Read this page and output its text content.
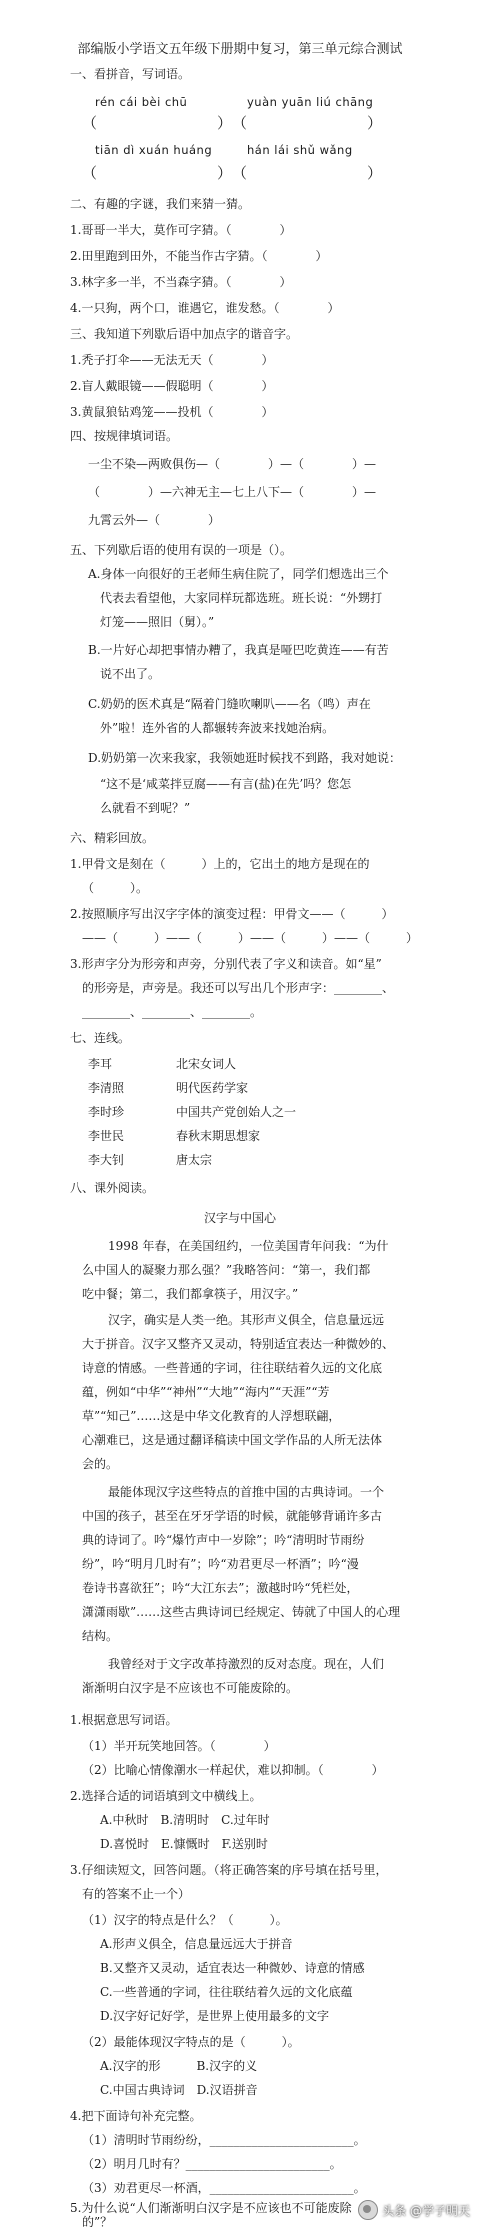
部编版小学语文五年级下册期中复习，第三单元综合测试
一、看拼音，写词语。
rén cái bèi chū	yuàn yuān liú chāng
（　　　　　　　　） （　　　　　　　　）
tiān dì xuán huáng	hán lái shǔ wǎng
（　　　　　　　　） （　　　　　　　　）
二、有趣的字谜，我们来猜一猜。
1.哥哥一半大，莫作可字猜。（　　　　）
2.田里跑到田外，不能当作古字猜。（　　　　）
3.林字多一半，不当森字猜。（　　　　）
4.一只狗，两个口，谁遇它，谁发愁。（　　　　）
三、我知道下列歇后语中加点字的谐音字。
1.秃子打伞——无法无天（　　　　）
2.盲人戴眼镜——假聪明（　　　　）
3.黄鼠狼钻鸡笼——投机（　　　　）
四、按规律填词语。
一尘不染—两败俱伤—（　　　　）—（　　　　）—
（　　　　）—六神无主—七上八下—（　　　　）—
九霄云外—（　　　　）
五、下列歇后语的使用有误的一项是（）。
A.身体一向很好的王老师生病住院了，同学们想选出三个
代表去看望他，大家同样玩都选班。班长说：“外甥打
灯笼——照旧（舅）。”
B.一片好心却把事情办糟了，我真是哑巴吃黄连——有苦
说不出了。
C.奶奶的医术真是“隔着门缝吹喇叭——名（鸣）声在
外”啦！连外省的人都辗转奔波来找她治病。
D.奶奶第一次来我家，我领她逛时候找不到路，我对她说：
“这不是‘咸菜拌豆腐——有言(盐)在先’吗？您怎
么就看不到呢？”
六、精彩回放。
1.甲骨文是刻在（　　　）上的，它出土的地方是现在的
（　　　）。
2.按照顺序写出汉字字体的演变过程：甲骨文——（　　　）
——（　　　）——（　　　）——（　　　）——（　　　）
3.形声字分为形旁和声旁，分别代表了字义和读音。如“星”
的形旁是，声旁是。我还可以写出几个形声字：________、
________、________、________。
七、连线。
李耳
李清照
李时珍
李世民
李大钊
北宋女词人
明代医药学家
中国共产党创始人之一
春秋末期思想家
唐太宗
八、课外阅读。
汉字与中国心
1998 年春，在美国纽约，一位美国青年问我：“为什
么中国人的凝聚力那么强？”我略答问：“第一，我们都
吃中餐；第二，我们都拿筷子，用汉字。”
汉字，确实是人类一绝。其形声义俱全，信息量远远
大于拼音。汉字又整齐又灵动，特别适宜表达一种微妙的、
诗意的情感。一些普通的字词，往往联结着久远的文化底
蕴，例如“中华”“神州”“大地”“海内”“天涯”“芳
草”“知己”……这是中华文化教育的人浮想联翩，
心潮难已，这是通过翻译稿读中国文学作品的人所无法体
会的。
最能体现汉字这些特点的首推中国的古典诗词。一个
中国的孩子，甚至在牙牙学语的时候，就能够背诵许多古
典的诗词了。吟“爆竹声中一岁除”；吟“清明时节雨纷
纷”，吟“明月几时有”；吟“劝君更尽一杯酒”；吟“漫
卷诗书喜欲狂”；吟“大江东去”；激越时吟“凭栏处，
潇潇雨歇”……这些古典诗词已经规定、铸就了中国人的心理
结构。
我曾经对于文字改革持激烈的反对态度。现在，人们
渐渐明白汉字是不应该也不可能废除的。
1.根据意思写词语。
（1）半开玩笑地回答。（　　　　）
（2）比喻心情像潮水一样起伏，难以抑制。（　　　　）
2.选择合适的词语填到文中横线上。
A.中秋时　B.清明时　C.过年时
D.喜悦时　E.慷慨时　F.送别时
3.仔细读短文，回答问题。（将正确答案的序号填在括号里，
有的答案不止一个）
（1）汉字的特点是什么？（　　　）。
A.形声义俱全，信息量远远大于拼音
B.又整齐又灵动，适宜表达一种微妙、诗意的情感
C.一些普通的字词，往往联结着久远的文化底蕴
D.汉字好记好学，是世界上使用最多的文字
（2）最能体现汉字特点的是（　　　）。
A.汉字的形　　　B.汉字的义
C.中国古典诗词　D.汉语拼音
4.把下面诗句补充完整。
（1）清明时节雨纷纷，________________________。
（2）明月几时有？________________________。
（3）劝君更尽一杯酒，________________________。
5.为什么说“人们渐渐明白汉字是不应该也不可能废除
的”？
头条 @学子明天
